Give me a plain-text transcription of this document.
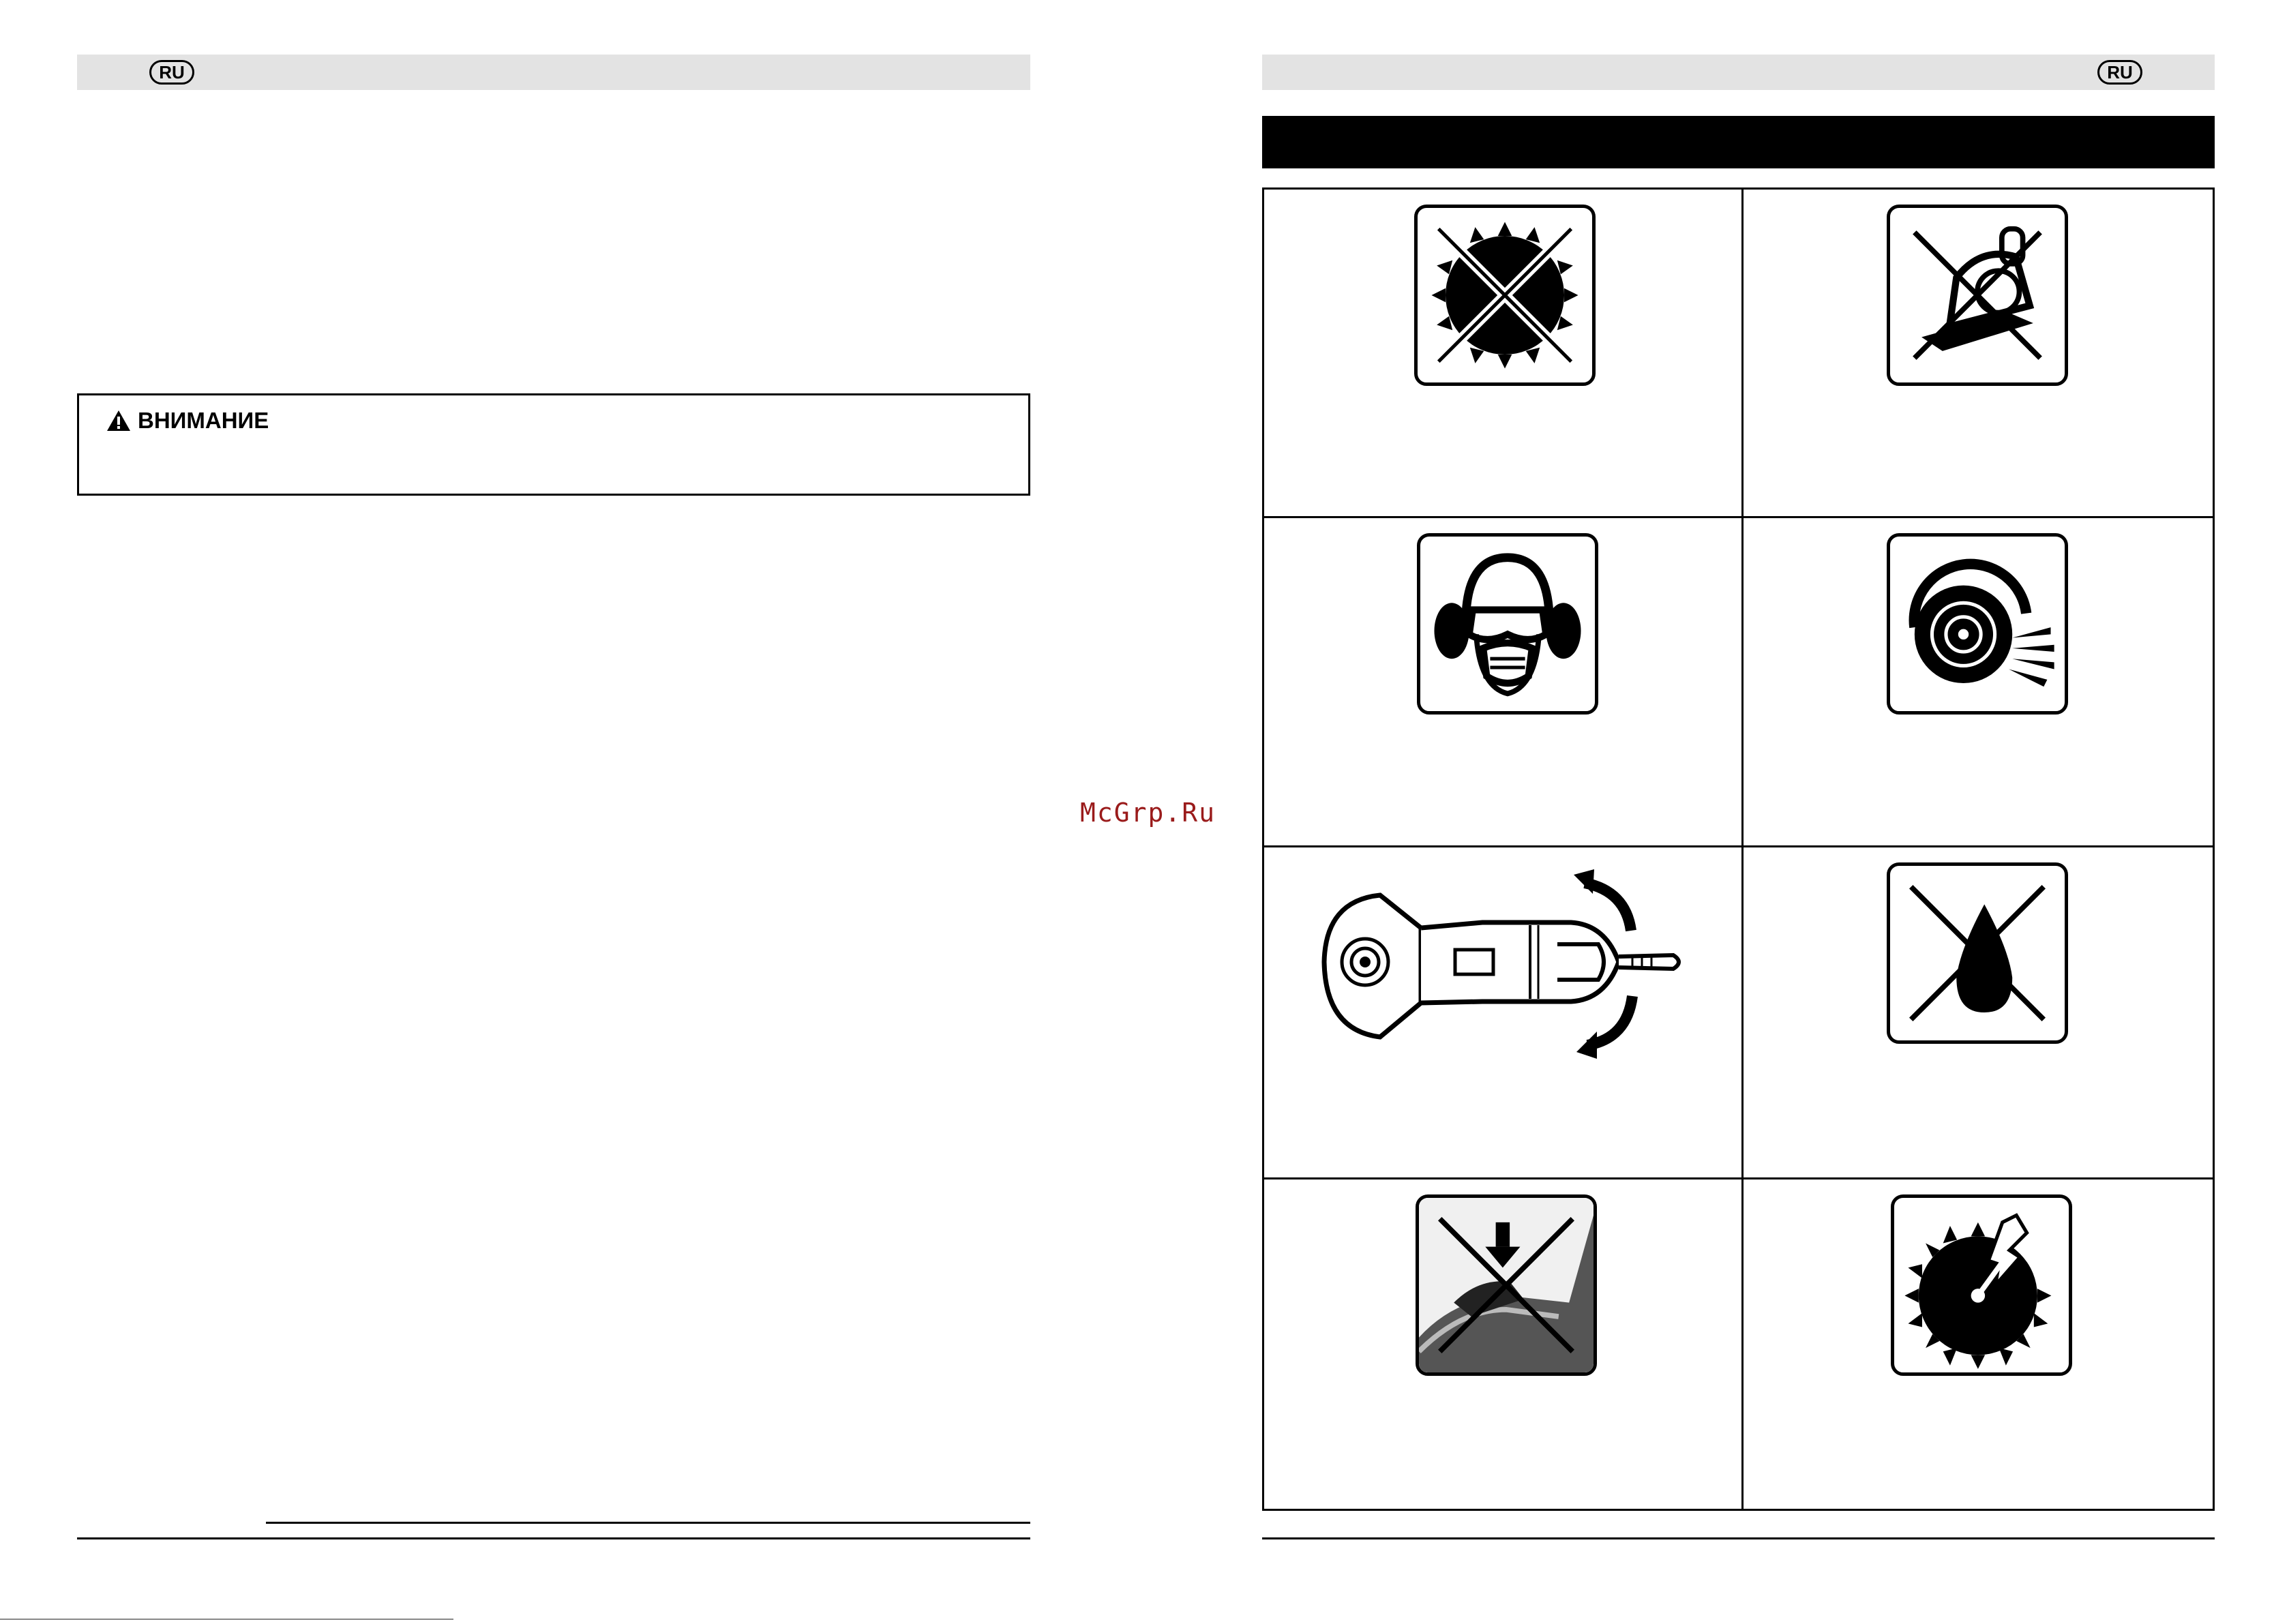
RU
ВНИМАНИЕ
McGrp.Ru
RU
